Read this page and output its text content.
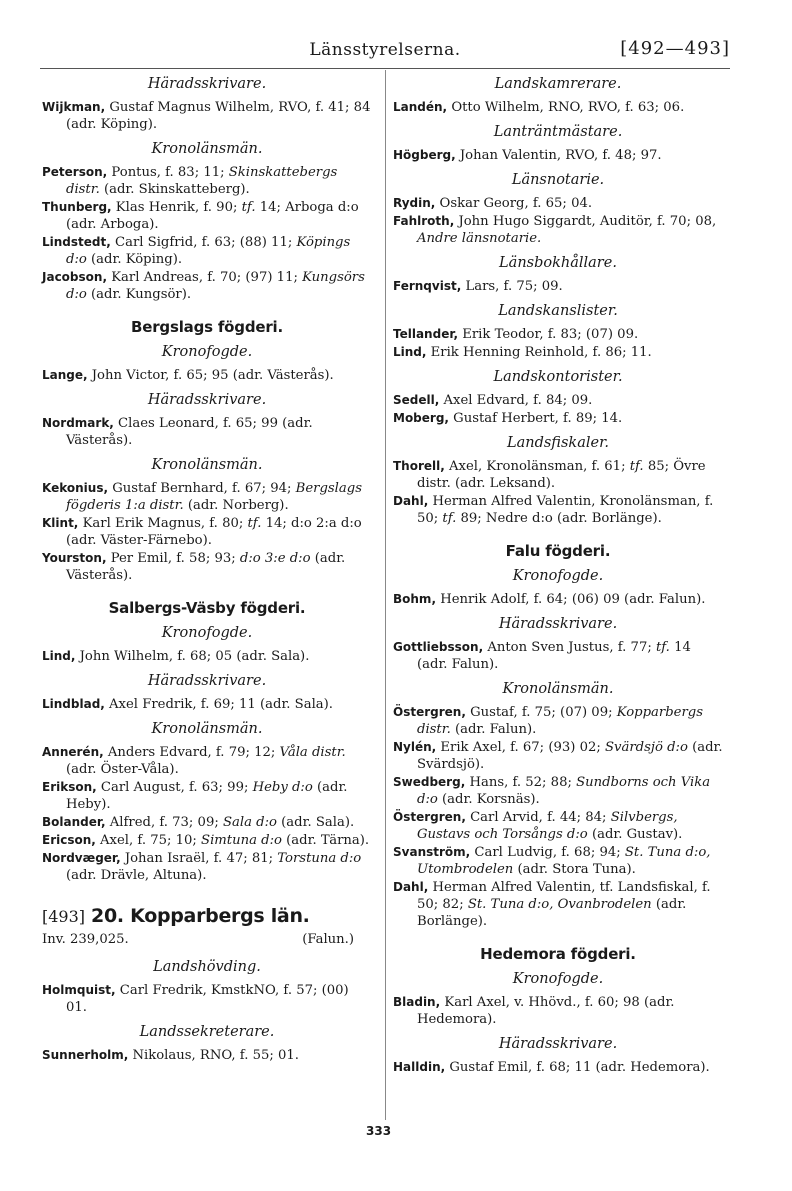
Länsstyrelserna.	[492—493]
Häradsskrivare.
Wijkman, Gustaf Magnus Wilhelm, RVO, f. 41; 84 (adr. Köping).
Kronolänsmän.
Peterson, Pontus, f. 83; 11; Skinskattebergs distr. (adr. Skinskatteberg).
Thunberg, Klas Henrik, f. 90; tf. 14; Arboga d:o (adr. Arboga).
Lindstedt, Carl Sigfrid, f. 63; (88) 11; Köpings d:o (adr. Köping).
Jacobson, Karl Andreas, f. 70; (97) 11; Kungsörs d:o (adr. Kungsör).
Bergslags fögderi.
Kronofogde.
Lange, John Victor, f. 65; 95 (adr. Västerås).
Häradsskrivare.
Nordmark, Claes Leonard, f. 65; 99 (adr. Västerås).
Kronolänsmän.
Kekonius, Gustaf Bernhard, f. 67; 94; Bergslags fögderis 1:a distr. (adr. Norberg).
Klint, Karl Erik Magnus, f. 80; tf. 14; d:o 2:a d:o (adr. Väster-Färnebo).
Yourston, Per Emil, f. 58; 93; d:o 3:e d:o (adr. Västerås).
Salbergs-Väsby fögderi.
Kronofogde.
Lind, John Wilhelm, f. 68; 05 (adr. Sala).
Häradsskrivare.
Lindblad, Axel Fredrik, f. 69; 11 (adr. Sala).
Kronolänsmän.
Annerén, Anders Edvard, f. 79; 12; Våla distr. (adr. Öster-Våla).
Erikson, Carl August, f. 63; 99; Heby d:o (adr. Heby).
Bolander, Alfred, f. 73; 09; Sala d:o (adr. Sala).
Ericson, Axel, f. 75; 10; Simtuna d:o (adr. Tärna).
Nordvæger, Johan Israël, f. 47; 81; Torstuna d:o (adr. Drävle, Altuna).
[493] 20. Kopparbergs län.
Inv. 239,025.	(Falun.)
Landshövding.
Holmquist, Carl Fredrik, KmstkNO, f. 57; (00) 01.
Landssekreterare.
Sunnerholm, Nikolaus, RNO, f. 55; 01.
Landskamrerare.
Landén, Otto Wilhelm, RNO, RVO, f. 63; 06.
Lanträntmästare.
Högberg, Johan Valentin, RVO, f. 48; 97.
Länsnotarie.
Rydin, Oskar Georg, f. 65; 04.
Fahlroth, John Hugo Siggardt, Auditör, f. 70; 08, Andre länsnotarie.
Länsbokhållare.
Fernqvist, Lars, f. 75; 09.
Landskanslister.
Tellander, Erik Teodor, f. 83; (07) 09.
Lind, Erik Henning Reinhold, f. 86; 11.
Landskontorister.
Sedell, Axel Edvard, f. 84; 09.
Moberg, Gustaf Herbert, f. 89; 14.
Landsfiskaler.
Thorell, Axel, Kronolänsman, f. 61; tf. 85; Övre distr. (adr. Leksand).
Dahl, Herman Alfred Valentin, Kronolänsman, f. 50; tf. 89; Nedre d:o (adr. Borlänge).
Falu fögderi.
Kronofogde.
Bohm, Henrik Adolf, f. 64; (06) 09 (adr. Falun).
Häradsskrivare.
Gottliebsson, Anton Sven Justus, f. 77; tf. 14 (adr. Falun).
Kronolänsmän.
Östergren, Gustaf, f. 75; (07) 09; Kopparbergs distr. (adr. Falun).
Nylén, Erik Axel, f. 67; (93) 02; Svärdsjö d:o (adr. Svärdsjö).
Swedberg, Hans, f. 52; 88; Sundborns och Vika d:o (adr. Korsnäs).
Östergren, Carl Arvid, f. 44; 84; Silvbergs, Gustavs och Torsångs d:o (adr. Gustav).
Svanström, Carl Ludvig, f. 68; 94; St. Tuna d:o, Utombrodelen (adr. Stora Tuna).
Dahl, Herman Alfred Valentin, tf. Landsfiskal, f. 50; 82; St. Tuna d:o, Ovanbrodelen (adr. Borlänge).
Hedemora fögderi.
Kronofogde.
Bladin, Karl Axel, v. Hhövd., f. 60; 98 (adr. Hedemora).
Häradsskrivare.
Halldin, Gustaf Emil, f. 68; 11 (adr. Hedemora).
333
